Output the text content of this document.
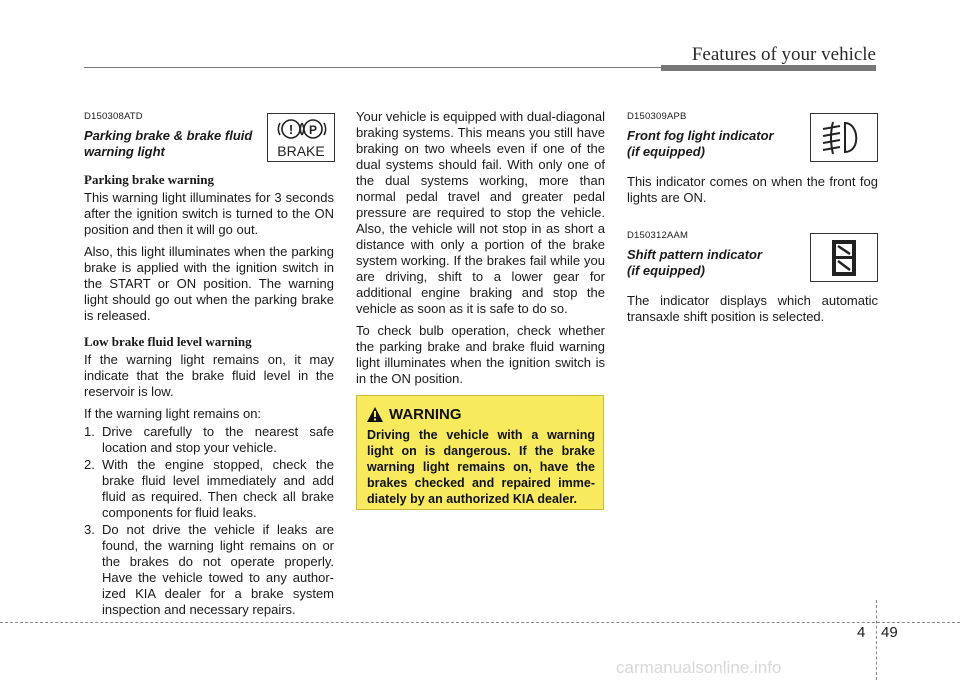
Features of your vehicle
D150308ATD
Parking brake & brake fluid
warning light
Parking brake warning

This warning light illuminates for 3 seconds after the ignition switch is turned to the ON position and then it will go out.

Also, this light illuminates when the parking brake is applied with the ignition switch in the START or ON position. The warning light should go out when the parking brake is released.

Low brake fluid level warning

If the warning light remains on, it may indicate that the brake fluid level in the reservoir is low.

If the warning light remains on:

1. Drive carefully to the nearest safe location and stop your vehicle.
2. With the engine stopped, check the brake fluid level immediately and add fluid as required. Then check all brake components for fluid leaks.
3. Do not drive the vehicle if leaks are found, the warning light remains on or the brakes do not operate properly. Have the vehicle towed to any authorized KIA dealer for a brake system inspection and necessary repairs.
! P
BRAKE

Your vehicle is equipped with dual-diagonal braking systems. This means you still have braking on two wheels even if one of the dual systems should fail. With only one of the dual systems working, more than normal pedal travel and greater pedal pressure are required to stop the vehicle. Also, the vehicle will not stop in as short a distance with only a portion of the brake system working. If the brakes fail while you are driving, shift to a lower gear for additional engine braking and stop the vehicle as soon as it is safe to do so.

To check bulb operation, check whether the parking brake and brake fluid warning light illuminates when the ignition switch is in the ON position.

WARNING

Driving the vehicle with a warning light on is dangerous. If the brake warning light remains on, have the brakes checked and repaired immediately by an authorized KIA dealer.

D150309APB
Front fog light indicator
(if equipped)

This indicator comes on when the front fog lights are ON.

D150312AAM
Shift pattern indicator
(if equipped)

The indicator displays which automatic transaxle shift position is selected.

4 49
carmanualsonline.info
